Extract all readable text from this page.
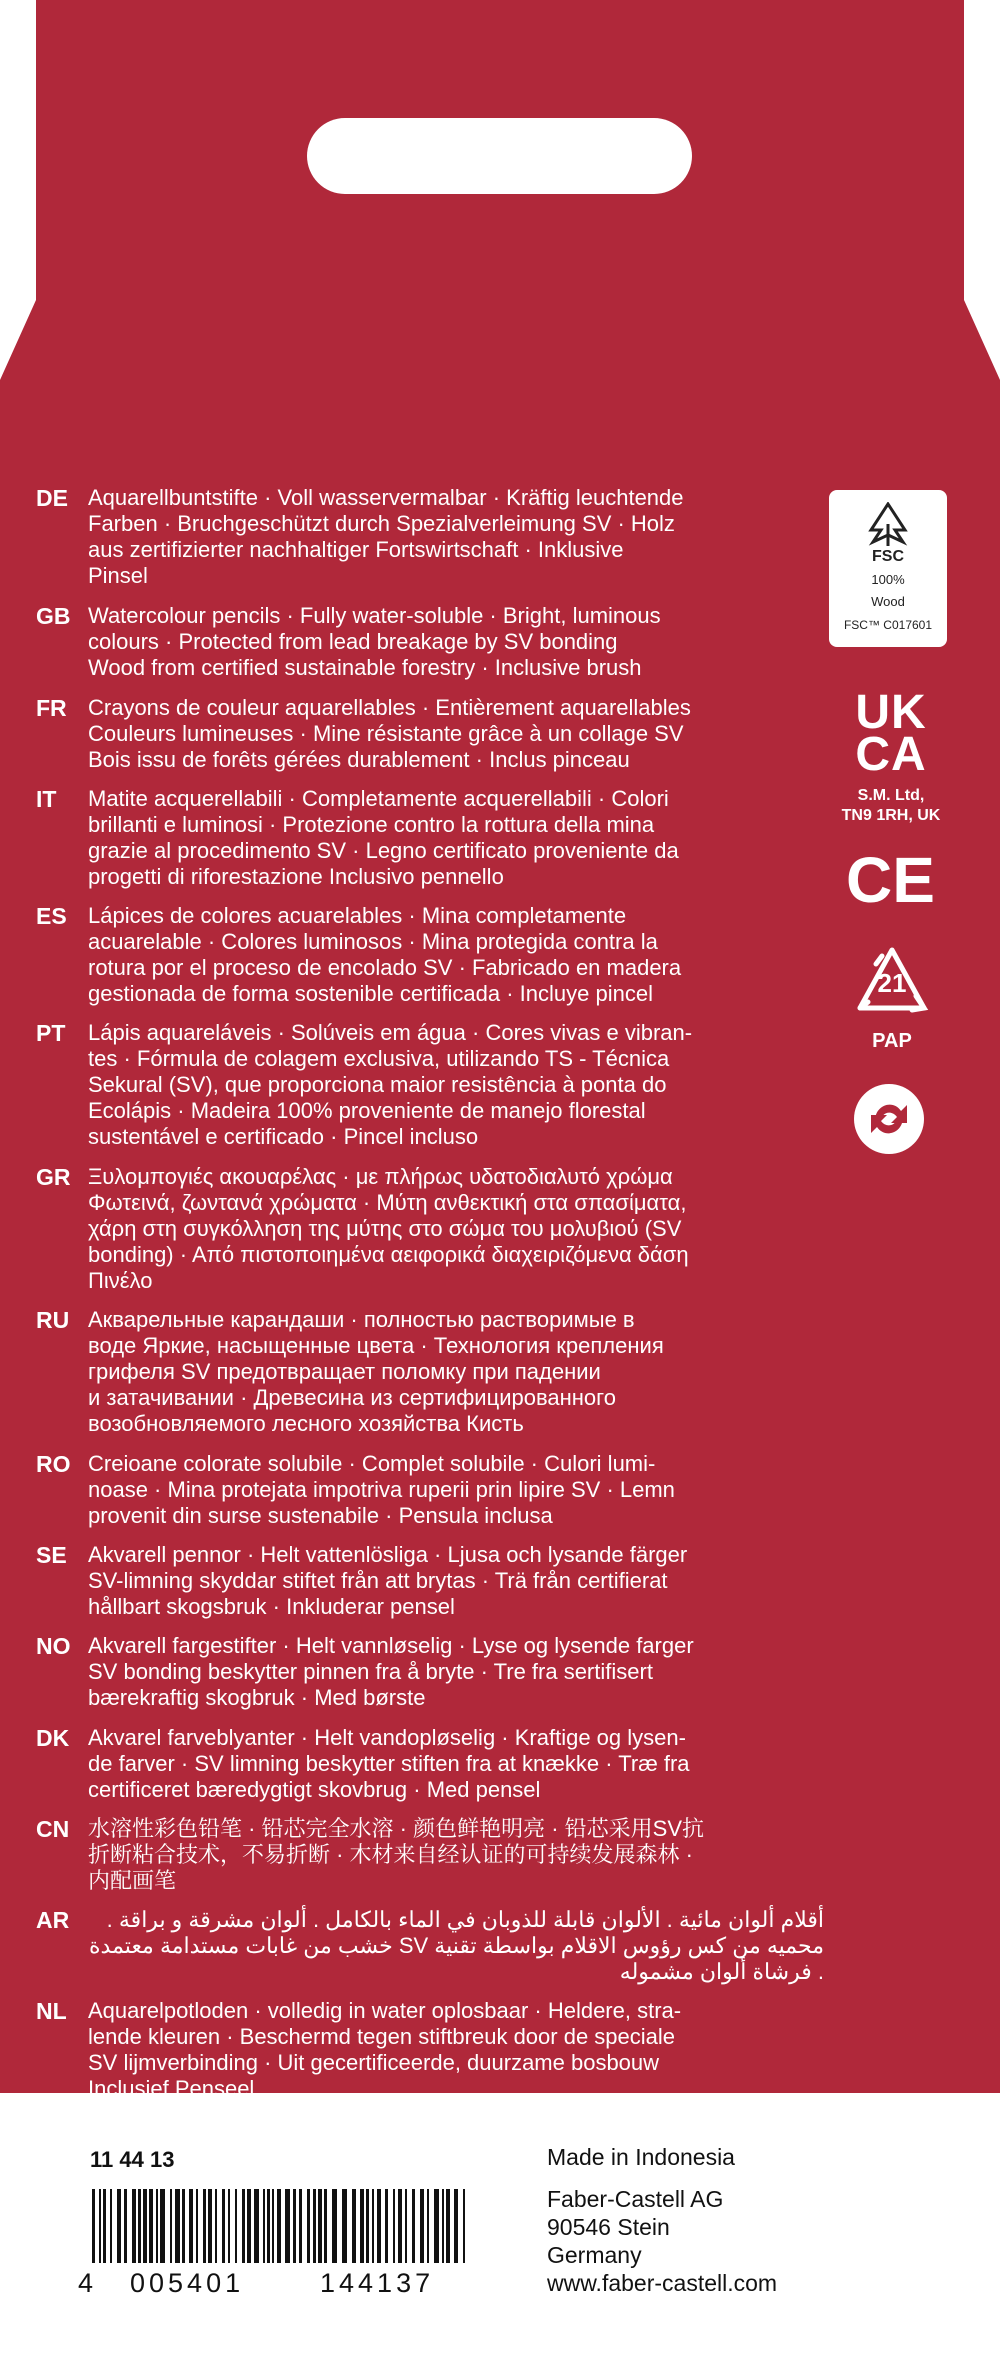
DE Aquarellbuntstifte · Voll wasservermalbar · Kräftig leuchtende
Farben · Bruchgeschützt durch Spezialverleimung SV · Holz
aus zertifizierter nachhaltiger Fortswirtschaft · Inklusive
Pinsel
GB Watercolour pencils · Fully water-soluble · Bright, luminous
colours · Protected from lead breakage by SV bonding
Wood from certified sustainable forestry · Inclusive brush
FR Crayons de couleur aquarellables · Entièrement aquarellables
Couleurs lumineuses · Mine résistante grâce à un collage SV
Bois issu de forêts gérées durablement · Inclus pinceau
IT	Matite acquerellabili · Completamente acquerellabili · Colori
brillanti e luminosi · Protezione contro la rottura della mina
grazie al procedimento SV · Legno certificato proveniente da
progetti di riforestazione Inclusivo pennello
ES Lápices de colores acuarelables · Mina completamente
acuarelable · Colores luminosos · Mina protegida contra la
rotura por el proceso de encolado SV · Fabricado en madera
gestionada de forma sostenible certificada · Incluye pincel
PT	Lápis aquareláveis · Solúveis em água · Cores vivas e vibran-
tes · Fórmula de colagem exclusiva, utilizando TS - Técnica
Sekural (SV), que proporciona maior resistência à ponta do
Ecolápis · Madeira 100% proveniente de manejo florestal
sustentável e certificado · Pincel incluso
GR Ξυλομπογιές ακουαρέλας · με πλήρως υδατοδιαλυτό χρώμα
Φωτεινά, ζωντανά χρώματα · Μύτη ανθεκτική στα σπασίματα,
χάρη στη συγκόλληση της μύτης στο σώμα του μολυβιού (SV
bonding) · Από πιστοποιημένα αειφορικά διαχειριζόμενα δάση
Πινέλο
RU Акварельные карандаши · полностью растворимые в
воде Яркие, насыщенные цвета · Технология крепления
грифеля SV предотвращает поломку при падении
и затачивании · Древесина из сертифицированного
возобновляемого лесного хозяйства Кисть
RO Creioane colorate solubile · Complet solubile · Culori lumi-
noase · Mina protejata impotriva ruperii prin lipire SV · Lemn
provenit din surse sustenabile · Pensula inclusa
SE Akvarell pennor · Helt vattenlösliga · Ljusa och lysande färger
SV-limning skyddar stiftet från att brytas · Trä från certifierat
hållbart skogsbruk · Inkluderar pensel
NO Akvarell fargestifter · Helt vannløselig · Lyse og lysende farger
SV bonding beskytter pinnen fra å bryte · Tre fra sertifisert
bærekraftig skogbruk · Med børste
DK Akvarel farveblyanter · Helt vandopløselig · Kraftige og lysen-
de farver · SV limning beskytter stiften fra at knække · Træ fra
certificeret bæredygtigt skovbrug · Med pensel
CN 水溶性彩色铅笔 · 铅芯完全水溶 · 颜色鲜艳明亮 · 铅芯采用SV抗
折断粘合技术，不易折断 · 木材来自经认证的可持续发展森林 ·
内配画笔
AR	أقلام ألوان مائية . الألوان قابلة للذوبان في الماء بالكامل . ألوان مشرقة و براقة .
محميه من كس رؤوس الاقلام بواسطة تقنية SV خشب من غابات مستدامة معتمدة
. فرشاة ألوان مشموله
NL Aquarelpotloden · volledig in water oplosbaar · Heldere, stra-
lende kleuren · Beschermd tegen stiftbreuk door de speciale
SV lijmverbinding · Uit gecertificeerde, duurzame bosbouw
Inclusief Penseel
FSC
100%
Wood
FSC™ C017601
UK
CA
S.M. Ltd,
TN9 1RH, UK
CE
21
PAP
11 44 13
4 005401	144137
Made in Indonesia
Faber-Castell AG
90546 Stein
Germany
www.faber-castell.com
